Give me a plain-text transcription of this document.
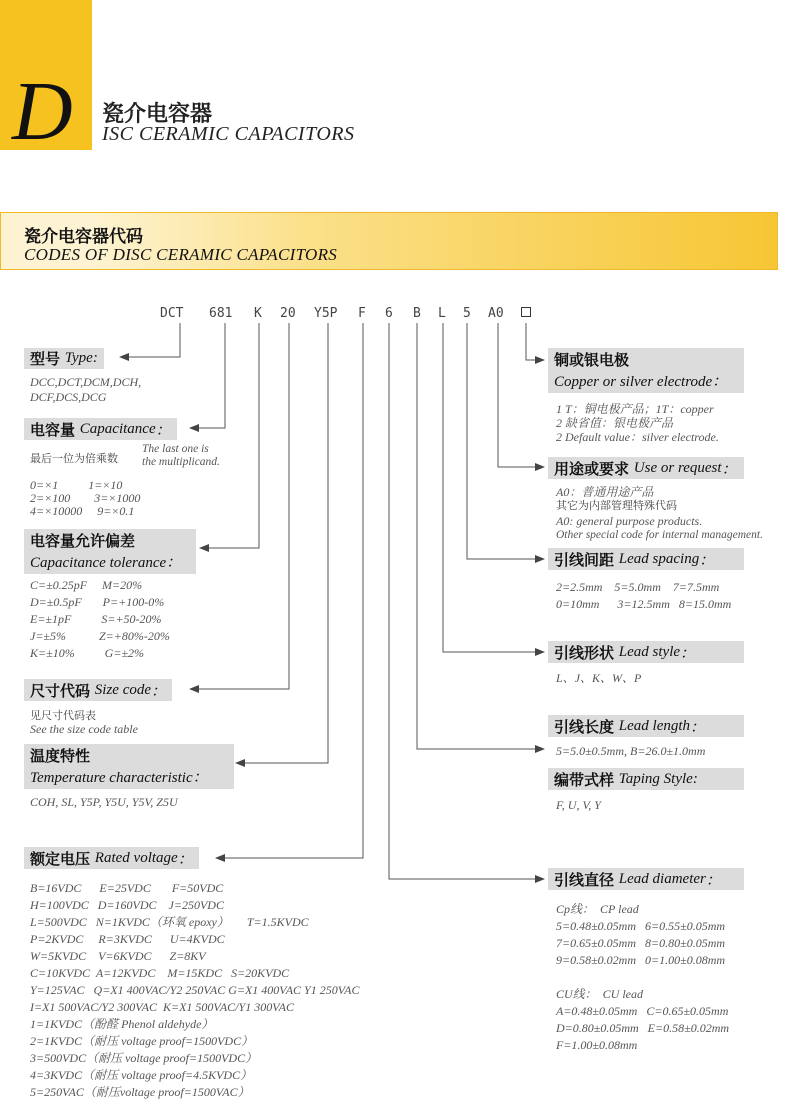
D 瓷介电容器
ISC CERAMIC CAPACITORS
瓷介电容器代码
CODES OF DISC CERAMIC CAPACITORS
DCT 681 K 20 Y5P F 6 B L 5 A0
型号
Type :
DCC,DCT,DCM,DCH,
DCF,DCS,DCG
电容量
Capacitance ：
最后一位为倍乘数
The last one is
the multiplicand.
0=×1          1=×10
2=×100        3=×1000
4=×10000     9=×0.1
电容量允许偏差
Capacitance tolerance：
C=±0.25pF     M=20%
D=±0.5pF       P=+100-0%
E=±1pF          S=+50-20%
J=±5%           Z=+80%-20%
K=±10%          G=±2%
尺寸代码
Size code ：
见尺寸代码表
See the size code table
温度特性
Temperature characteristic：
COH, SL, Y5P, Y5U, Y5V, Z5U
额定电压
Rated voltage ：
B=16VDC      E=25VDC       F=50VDC
H=100VDC   D=160VDC    J=250VDC
L=500VDC   N=1KVDC（环氧 epoxy）      T=1.5KVDC
P=2KVDC     R=3KVDC      U=4KVDC
W=5KVDC    V=6KVDC      Z=8KV
C=10KVDC  A=12KVDC    M=15KDC   S=20KVDC
Y=125VAC   Q=X1 400VAC/Y2 250VAC G=X1 400VAC Y1 250VAC
I=X1 500VAC/Y2 300VAC  K=X1 500VAC/Y1 300VAC
1=1KVDC（酚醛 Phenol aldehyde）
2=1KVDC（耐压 voltage proof=1500VDC）
3=500VDC（耐压 voltage proof=1500VDC）
4=3KVDC（耐压 voltage proof=4.5KVDC）
5=250VAC（耐压voltage proof=1500VAC）
铜或银电极
Copper or silver electrode：
1 T：铜电极产品；1T：copper
2 缺省值：银电极产品
2 Default value：silver electrode.
用途或要求
Use or request ：
A0：普通用途产品
其它为内部管理特殊代码
A0: general purpose products.
Other special code for internal management.
引线间距
Lead spacing ：
2=2.5mm    5=5.0mm    7=7.5mm
0=10mm      3=12.5mm   8=15.0mm
引线形状
Lead style ：
L、J、K、W、P
引线长度
Lead length ：
5=5.0±0.5mm, B=26.0±1.0mm
编带式样
Taping Style:
F, U, V, Y
引线直径
Lead diameter ：
Cp线：  CP lead
5=0.48±0.05mm   6=0.55±0.05mm
7=0.65±0.05mm   8=0.80±0.05mm
9=0.58±0.02mm   0=1.00±0.08mm
CU线：  CU lead
A=0.48±0.05mm   C=0.65±0.05mm
D=0.80±0.05mm   E=0.58±0.02mm
F=1.00±0.08mm
